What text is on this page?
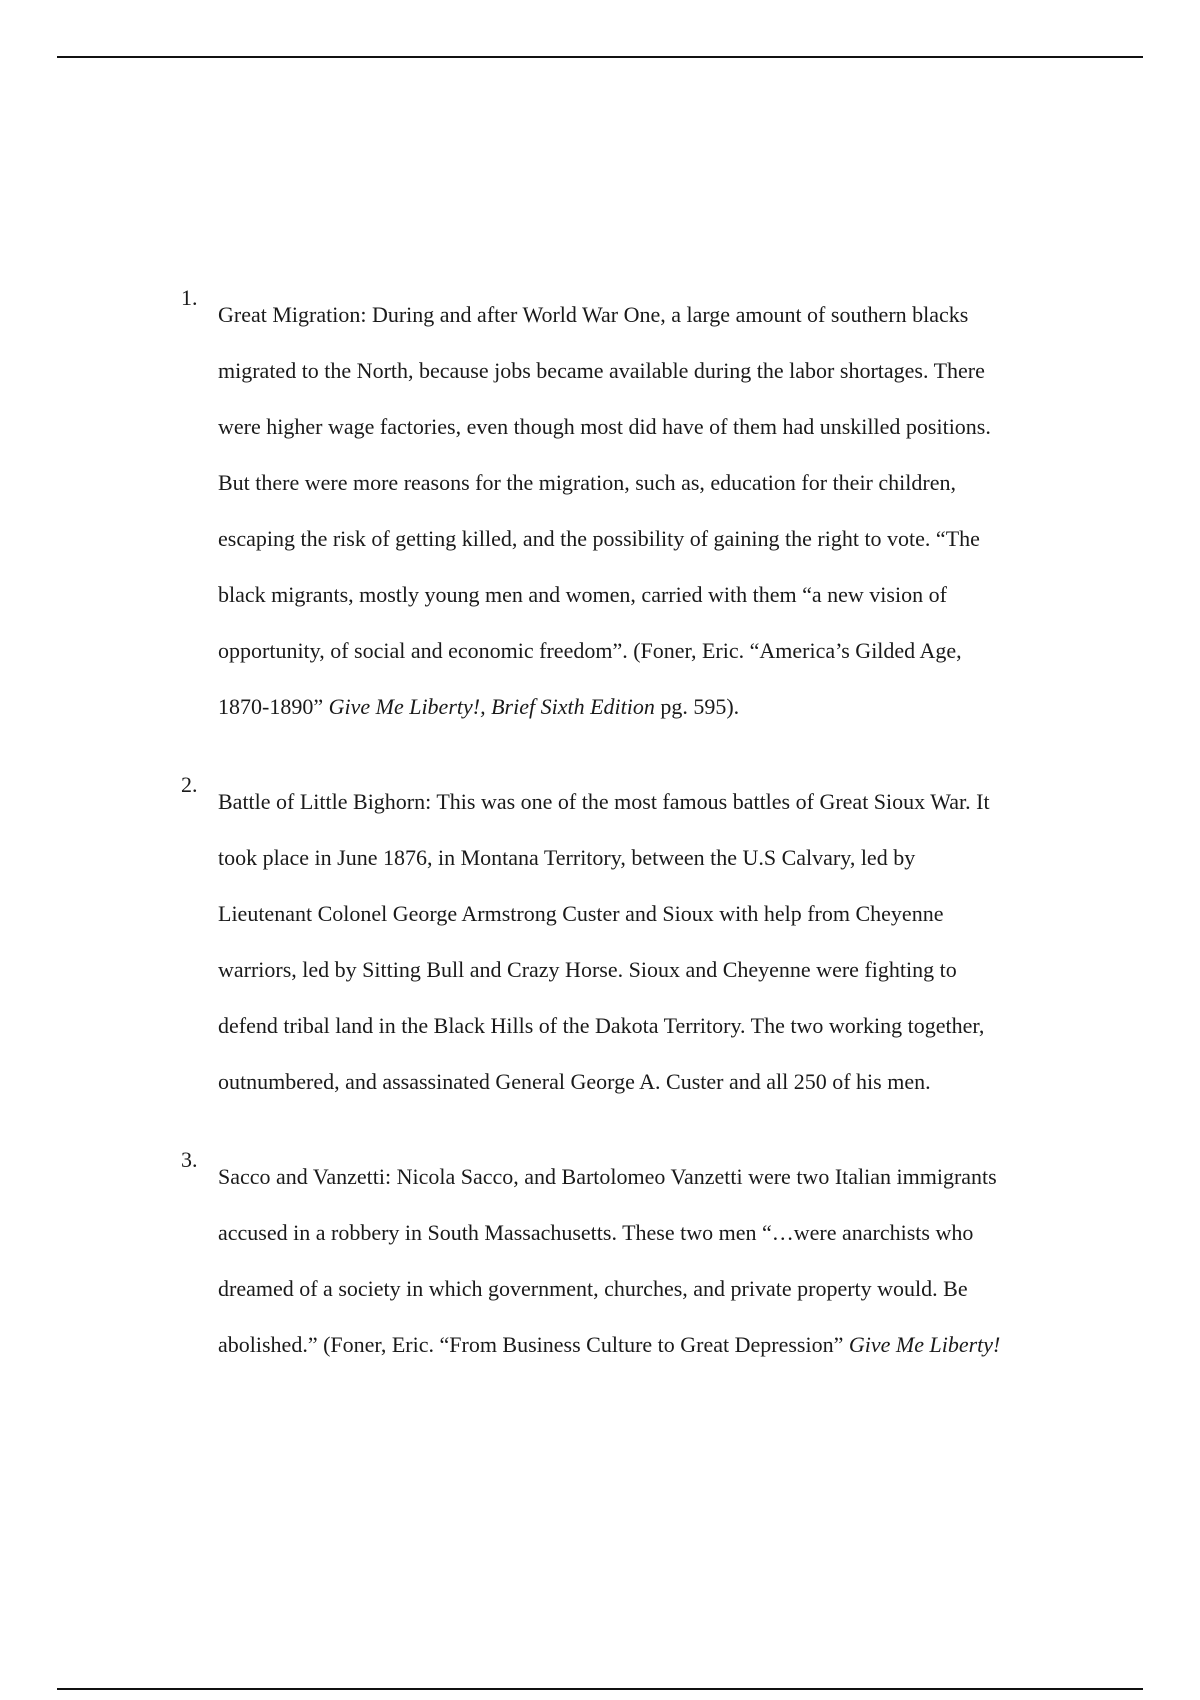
1.
Great Migration: During and after World War One, a large amount of southern blacks
migrated to the North, because jobs became available during the labor shortages. There
were higher wage factories, even though most did have of them had unskilled positions.
But there were more reasons for the migration, such as, education for their children,
escaping the risk of getting killed, and the possibility of gaining the right to vote. “The
black migrants, mostly young men and women, carried with them “a new vision of
opportunity, of social and economic freedom”. (Foner, Eric. “America’s Gilded Age,
1870-1890” Give Me Liberty!, Brief Sixth Edition pg. 595).
2.
Battle of Little Bighorn: This was one of the most famous battles of Great Sioux War. It
took place in June 1876, in Montana Territory, between the U.S Calvary, led by
Lieutenant Colonel George Armstrong Custer and Sioux with help from Cheyenne
warriors, led by Sitting Bull and Crazy Horse. Sioux and Cheyenne were fighting to
defend tribal land in the Black Hills of the Dakota Territory. The two working together,
outnumbered, and assassinated General George A. Custer and all 250 of his men.
3.
Sacco and Vanzetti: Nicola Sacco, and Bartolomeo Vanzetti were two Italian immigrants
accused in a robbery in South Massachusetts. These two men “…were anarchists who
dreamed of a society in which government, churches, and private property would. Be
abolished.” (Foner, Eric. “From Business Culture to Great Depression” Give Me Liberty!
